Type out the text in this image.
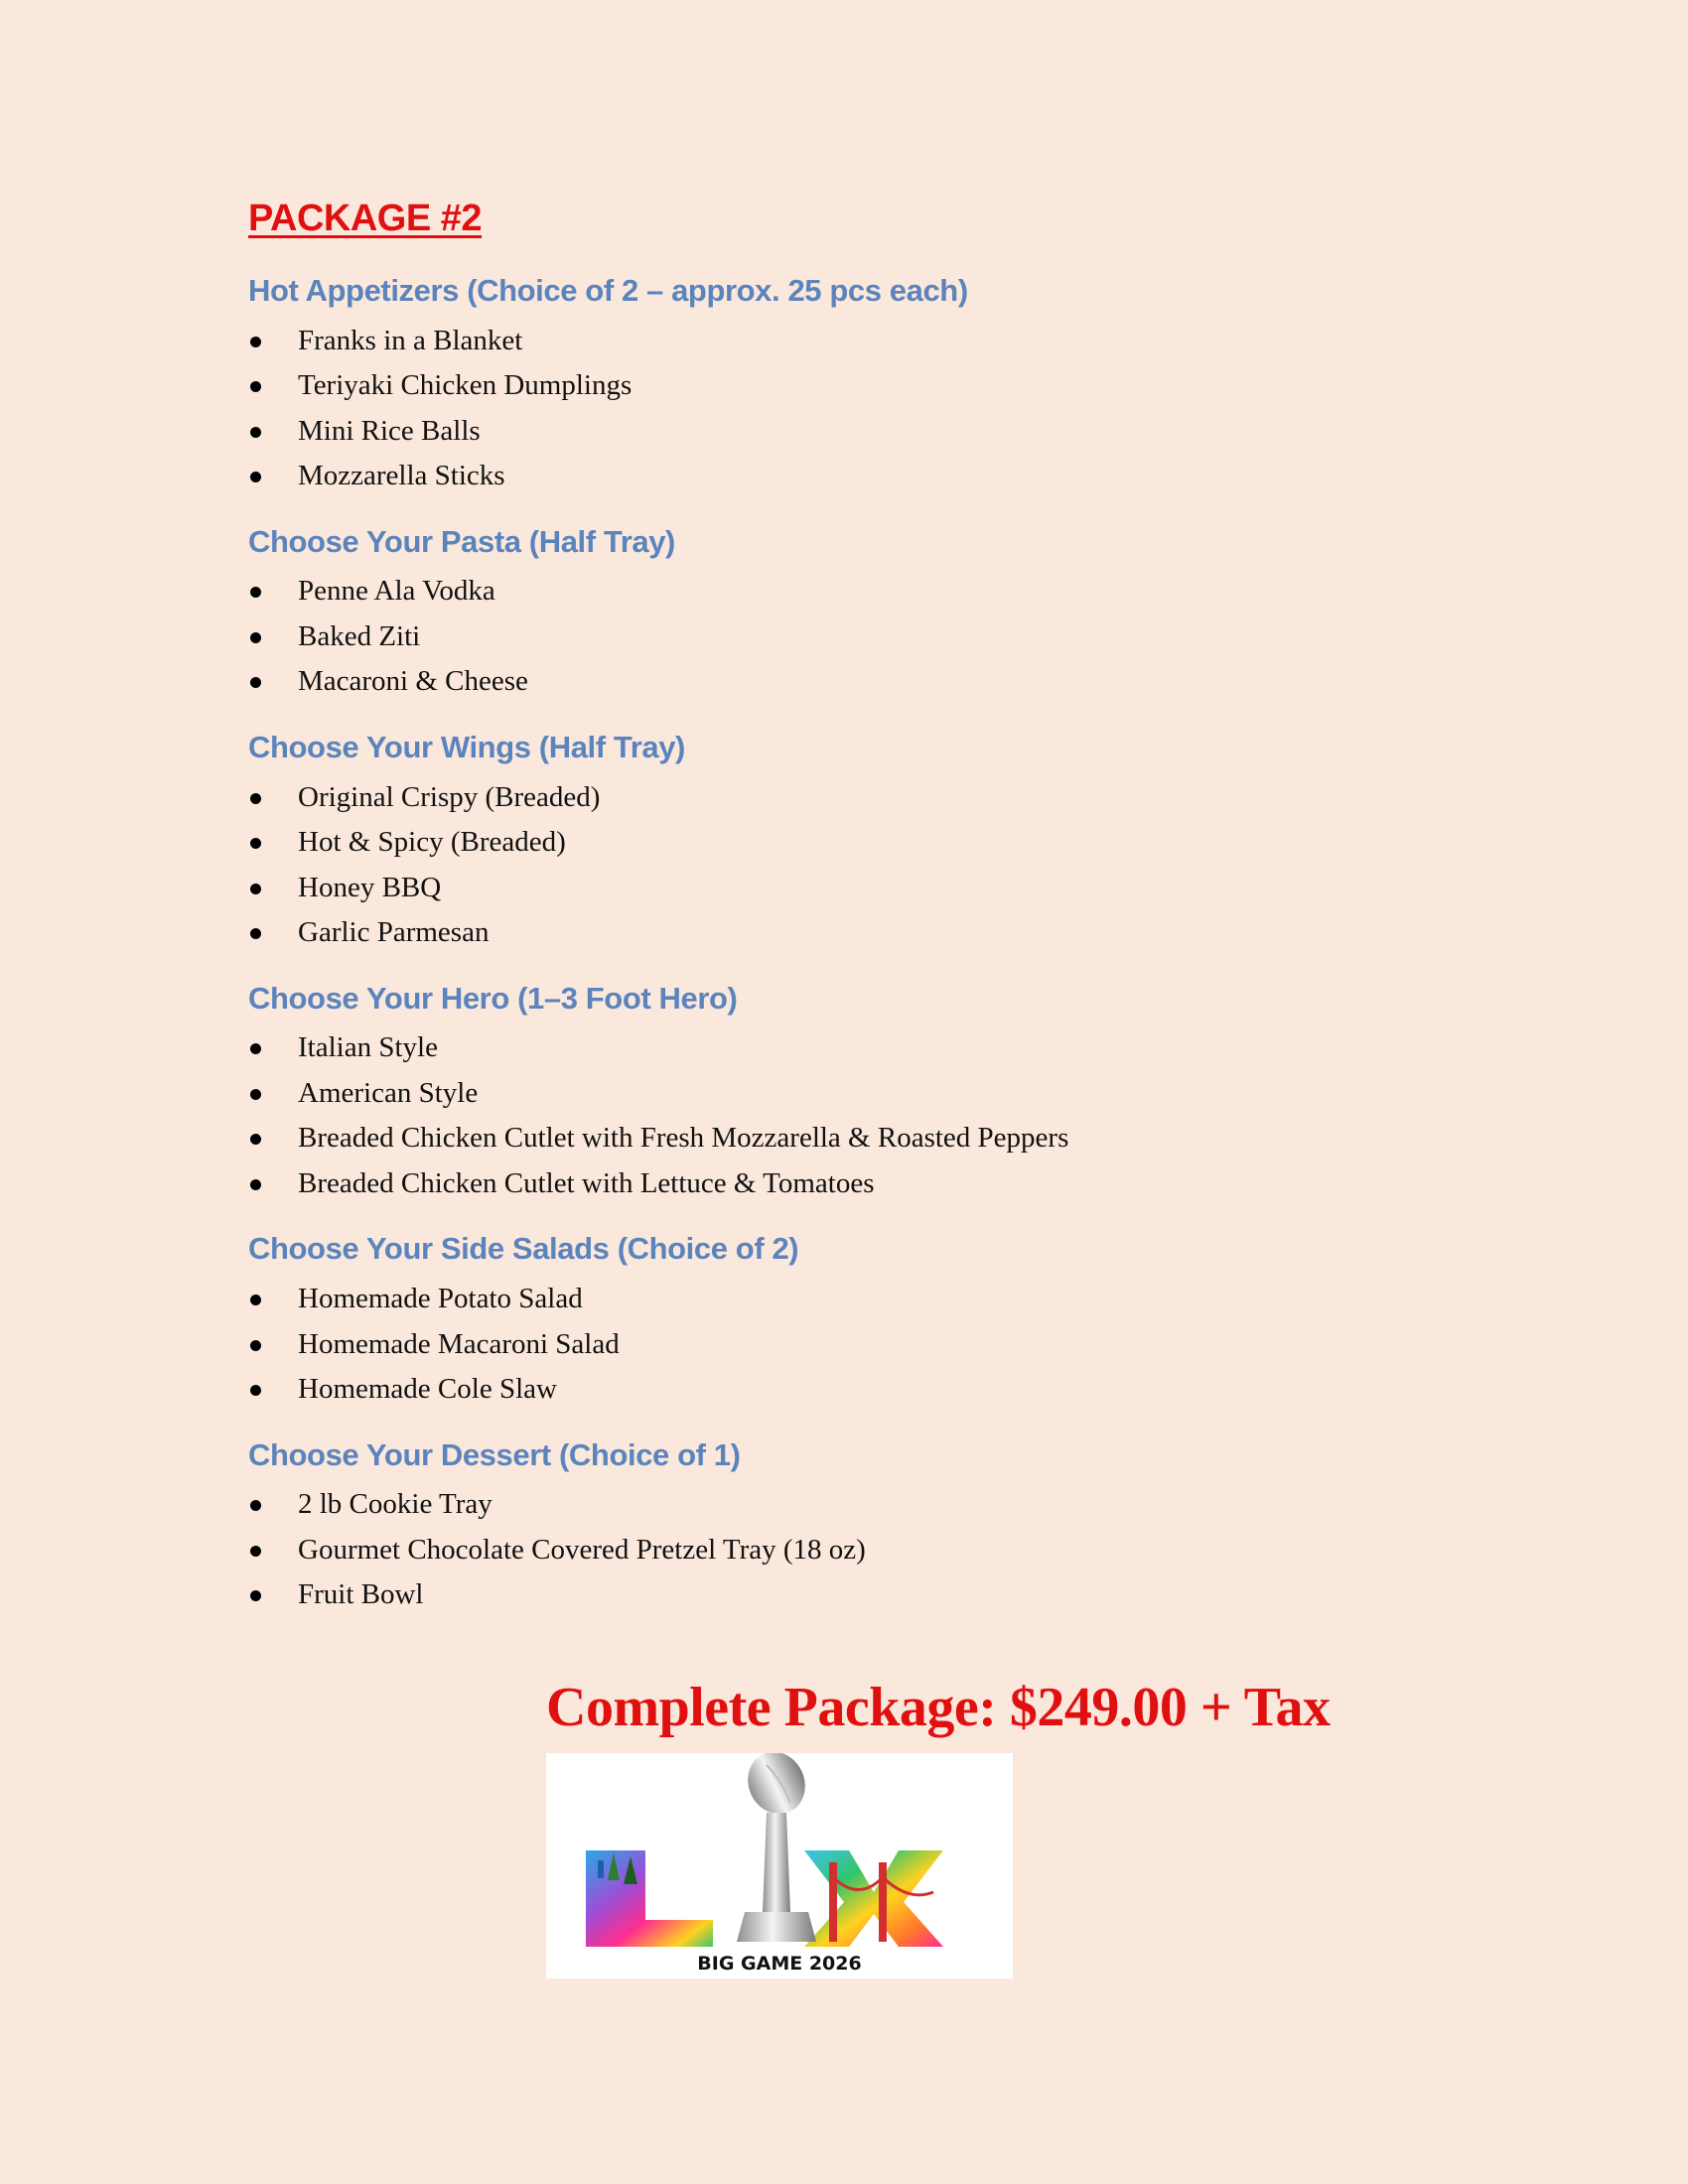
PACKAGE #2
Hot Appetizers (Choice of 2 – approx. 25 pcs each)
Franks in a Blanket
Teriyaki Chicken Dumplings
Mini Rice Balls
Mozzarella Sticks
Choose Your Pasta (Half Tray)
Penne Ala Vodka
Baked Ziti
Macaroni & Cheese
Choose Your Wings (Half Tray)
Original Crispy (Breaded)
Hot & Spicy (Breaded)
Honey BBQ
Garlic Parmesan
Choose Your Hero (1–3 Foot Hero)
Italian Style
American Style
Breaded Chicken Cutlet with Fresh Mozzarella & Roasted Peppers
Breaded Chicken Cutlet with Lettuce & Tomatoes
Choose Your Side Salads (Choice of 2)
Homemade Potato Salad
Homemade Macaroni Salad
Homemade Cole Slaw
Choose Your Dessert (Choice of 1)
2 lb Cookie Tray
Gourmet Chocolate Covered Pretzel Tray (18 oz)
Fruit Bowl
Complete Package: $249.00 + Tax
BIG GAME 2026
